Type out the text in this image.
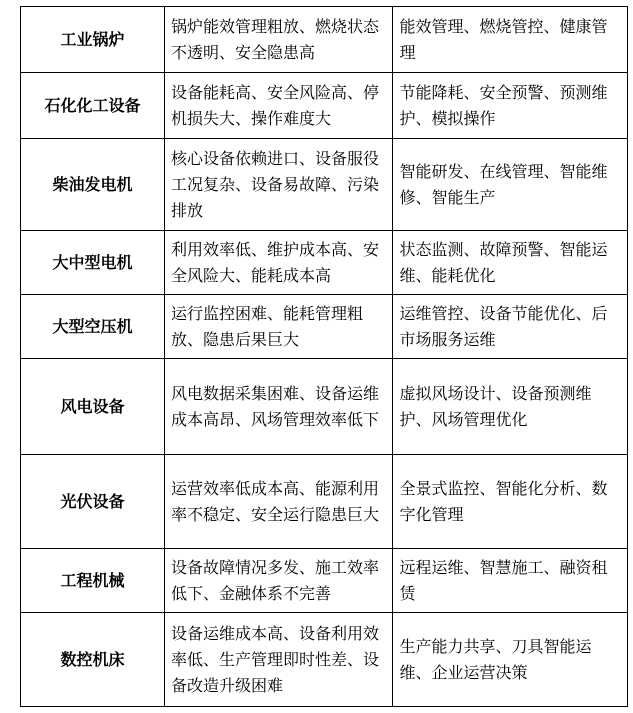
工业锅炉	锅炉能效管理粗放、燃烧状态不透明、安全隐患高	能效管理、燃烧管控、健康管理
石化化工设备	设备能耗高、安全风险高、停机损失大、操作难度大	节能降耗、安全预警、预测维护、模拟操作
柴油发电机	核心设备依赖进口、设备服役工况复杂、设备易故障、污染排放	智能研发、在线管理、智能维修、智能生产
大中型电机	利用效率低、维护成本高、安全风险大、能耗成本高	状态监测、故障预警、智能运维、能耗优化
大型空压机	运行监控困难、能耗管理粗放、隐患后果巨大	运维管控、设备节能优化、后市场服务运维
风电设备	风电数据采集困难、设备运维成本高昂、风场管理效率低下	虚拟风场设计、设备预测维护、风场管理优化
光伏设备	运营效率低成本高、能源利用率不稳定、安全运行隐患巨大	全景式监控、智能化分析、数字化管理
工程机械	设备故障情况多发、施工效率低下、金融体系不完善	远程运维、智慧施工、融资租赁
数控机床	设备运维成本高、设备利用效率低、生产管理即时性差、设备改造升级困难	生产能力共享、刀具智能运维、企业运营决策
